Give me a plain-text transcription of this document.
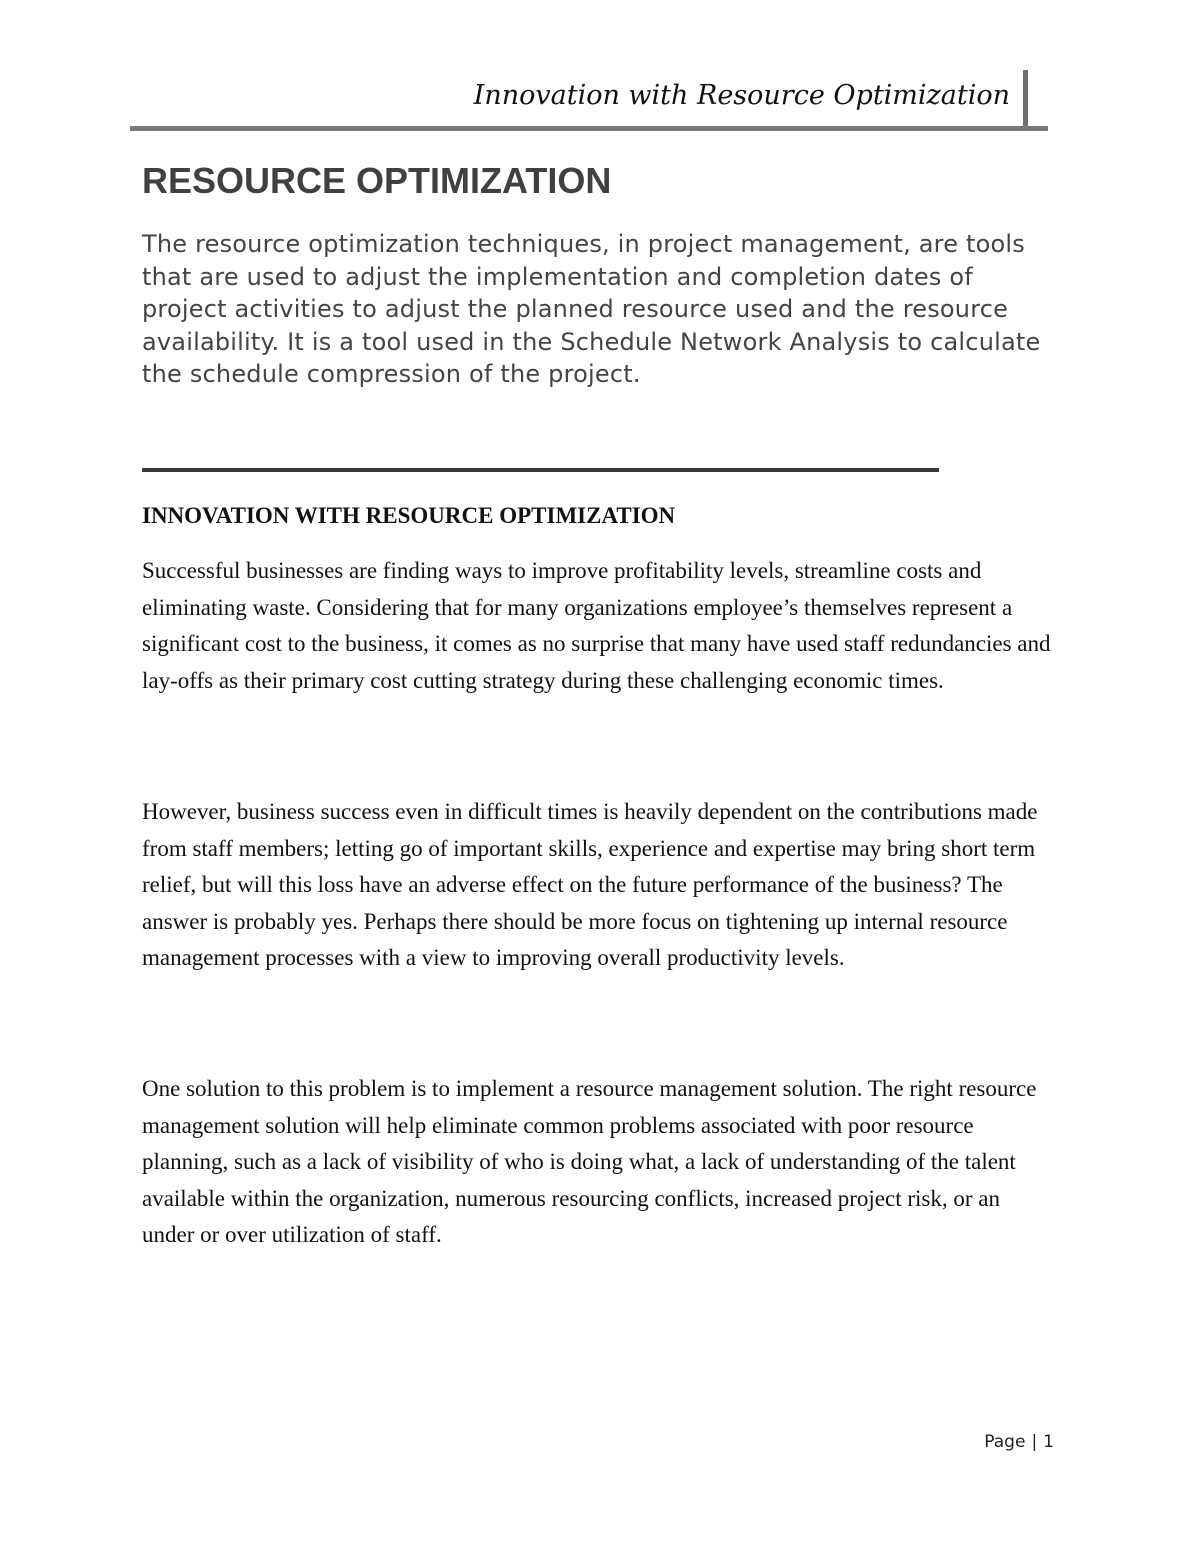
Innovation with Resource Optimization
RESOURCE OPTIMIZATION

The resource optimization techniques, in project management, are tools that are used to adjust the implementation and completion dates of project activities to adjust the planned resource used and the resource availability. It is a tool used in the Schedule Network Analysis to calculate the schedule compression of the project.

INNOVATION WITH RESOURCE OPTIMIZATION

Successful businesses are finding ways to improve profitability levels, streamline costs and eliminating waste. Considering that for many organizations employee’s themselves represent a significant cost to the business, it comes as no surprise that many have used staff redundancies and lay-offs as their primary cost cutting strategy during these challenging economic times.

However, business success even in difficult times is heavily dependent on the contributions made from staff members; letting go of important skills, experience and expertise may bring short term relief, but will this loss have an adverse effect on the future performance of the business? The answer is probably yes. Perhaps there should be more focus on tightening up internal resource management processes with a view to improving overall productivity levels.

One solution to this problem is to implement a resource management solution. The right resource management solution will help eliminate common problems associated with poor resource planning, such as a lack of visibility of who is doing what, a lack of understanding of the talent available within the organization, numerous resourcing conflicts, increased project risk, or an under or over utilization of staff.

Page | 1
